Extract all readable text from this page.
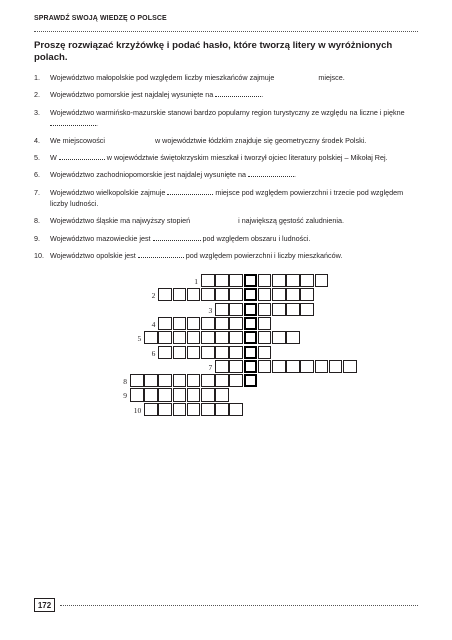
SPRAWDŹ SWOJĄ WIEDZĘ O POLSCE
Proszę rozwiązać krzyżówkę i podać hasło, które tworzą litery w wyróżnionych polach.
1. Województwo małopolskie pod względem liczby mieszkańców zajmuje	miejsce.
2. Województwo pomorskie jest najdalej wysunięte na	.
3. Województwo warmińsko-mazurskie stanowi bardzo popularny region turystyczny ze względu na liczne i piękne
.
4. We miejscowości	w województwie łódzkim znajduje się geometryczny środek Polski.
5. W	w województwie świętokrzyskim mieszkał i tworzył ojciec literatury polskiej – Mikołaj Rej.
6. Województwo zachodniopomorskie jest najdalej wysunięte na	.
7. Województwo wielkopolskie zajmuje	miejsce pod względem powierzchni i trzecie pod względem liczby ludności.
8. Województwo śląskie ma najwyższy stopień	i największą gęstość zaludnienia.
9. Województwo mazowieckie jest	pod względem obszaru i ludności.
10. Województwo opolskie jest	pod względem powierzchni i liczby mieszkańców.
1
2
3
4
5
6
7
8
9
10
172
